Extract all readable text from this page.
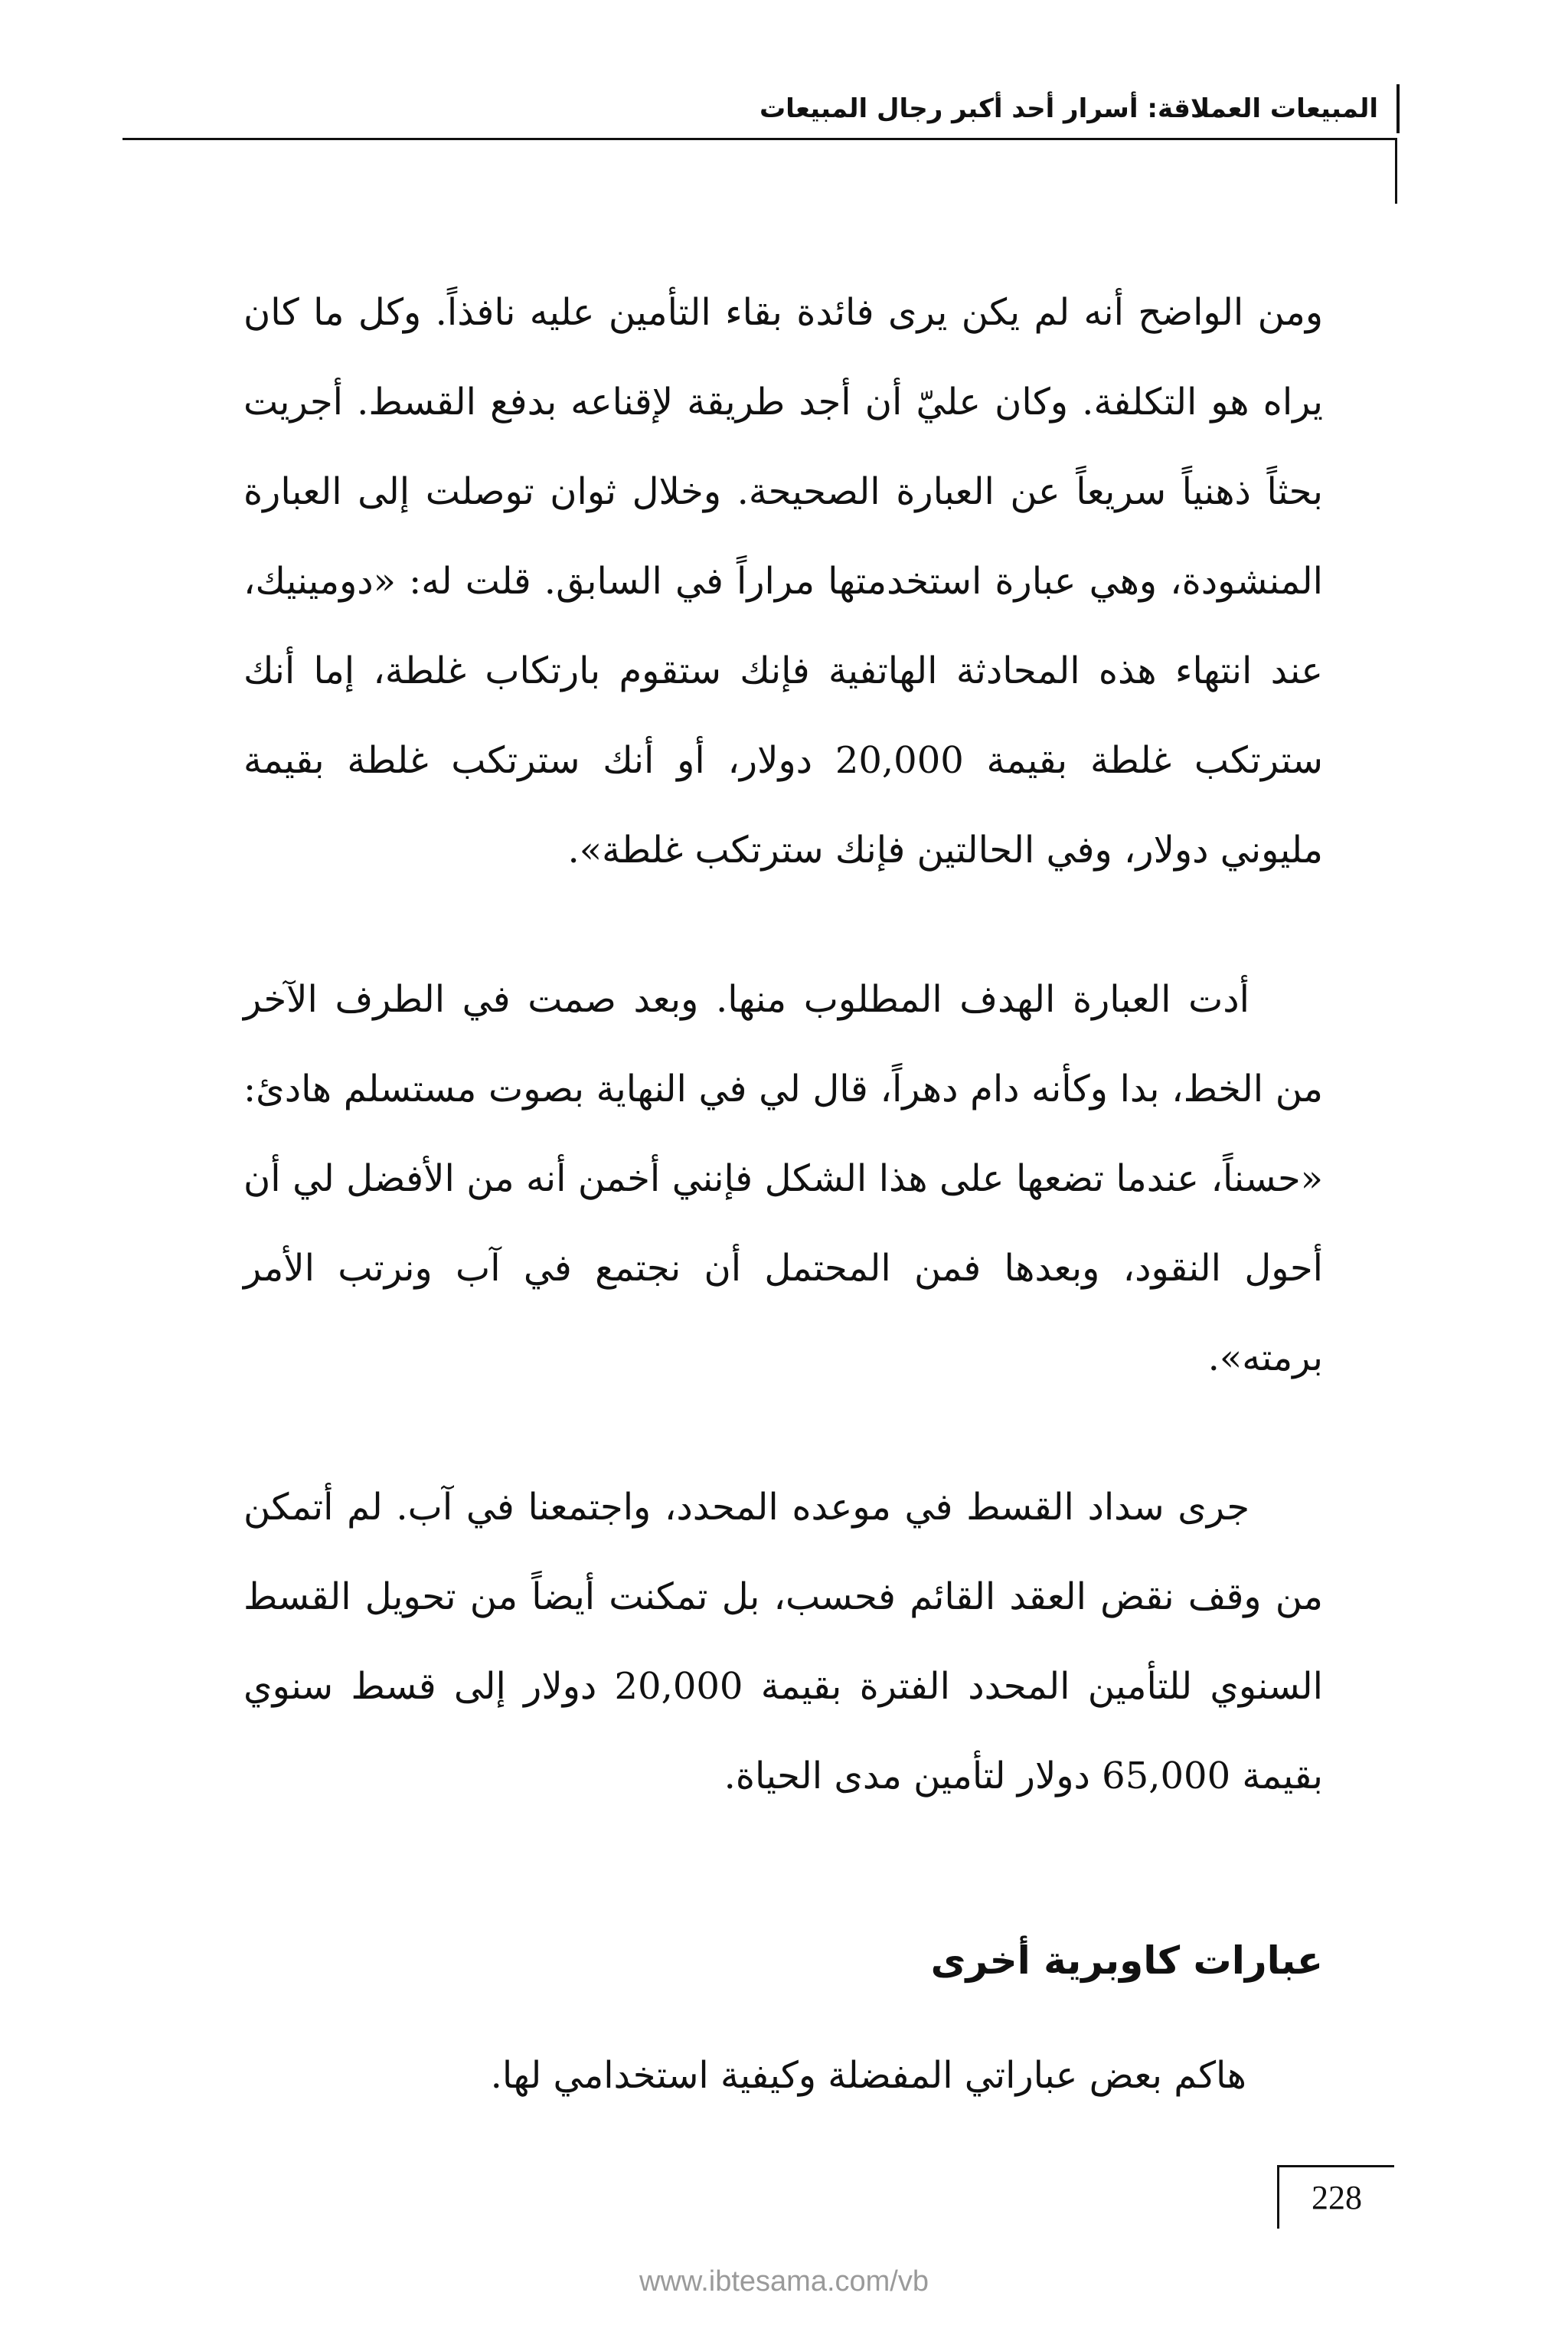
المبيعات العملاقة: أسرار أحد أكبر رجال المبيعات

ومن الواضح أنه لم يكن يرى فائدة بقاء التأمين عليه نافذاً. وكل ما كان يراه هو التكلفة. وكان عليّ أن أجد طريقة لإقناعه بدفع القسط. أجريت بحثاً ذهنياً سريعاً عن العبارة الصحيحة. وخلال ثوان توصلت إلى العبارة المنشودة، وهي عبارة استخدمتها مراراً في السابق. قلت له: «دومينيك، عند انتهاء هذه المحادثة الهاتفية فإنك ستقوم بارتكاب غلطة، إما أنك سترتكب غلطة بقيمة 20,000 دولار، أو أنك سترتكب غلطة بقيمة مليوني دولار، وفي الحالتين فإنك سترتكب غلطة».

أدت العبارة الهدف المطلوب منها. وبعد صمت في الطرف الآخر من الخط، بدا وكأنه دام دهراً، قال لي في النهاية بصوت مستسلم هادئ: «حسناً، عندما تضعها على هذا الشكل فإنني أخمن أنه من الأفضل لي أن أحول النقود، وبعدها فمن المحتمل أن نجتمع في آب ونرتب الأمر برمته».

جرى سداد القسط في موعده المحدد، واجتمعنا في آب. لم أتمكن من وقف نقض العقد القائم فحسب، بل تمكنت أيضاً من تحويل القسط السنوي للتأمين المحدد الفترة بقيمة 20,000 دولار إلى قسط سنوي بقيمة 65,000 دولار لتأمين مدى الحياة.

عبارات كاوبرية أخرى

هاكم بعض عباراتي المفضلة وكيفية استخدامي لها.

228
www.ibtesama.com/vb
